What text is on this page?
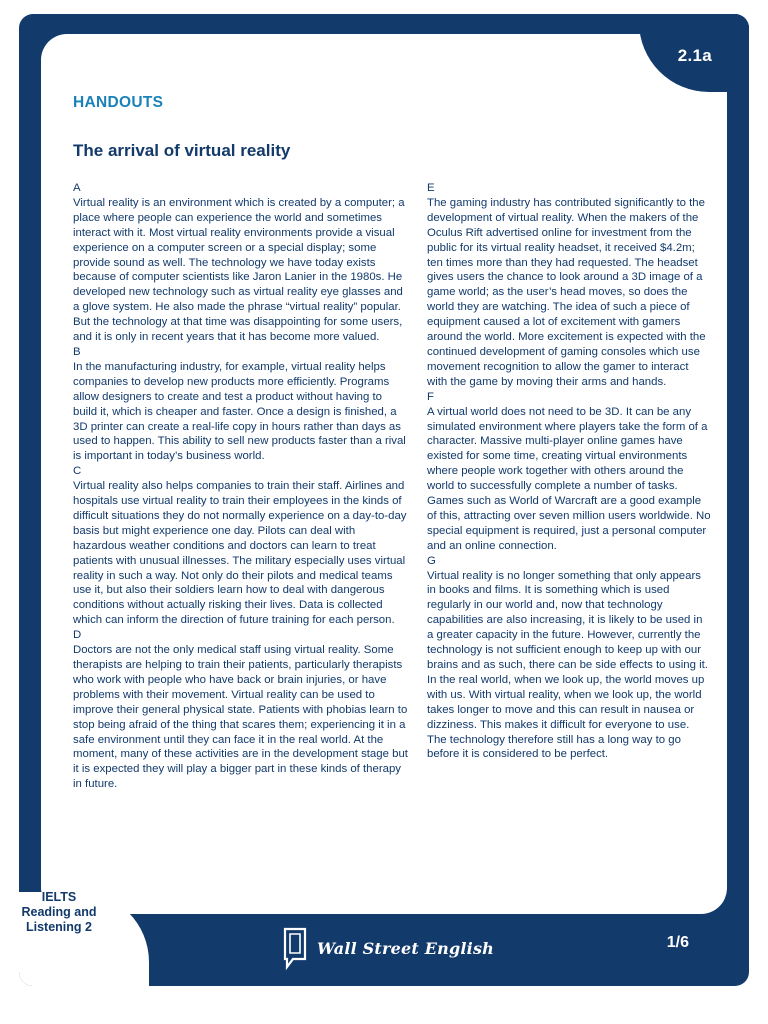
IELTS
Reading and
Listening 2
Wall Street English	1/6
2.1a
HANDOUTS
The arrival of virtual reality
A
Virtual reality is an environment which is created by a computer; a place where people can experience the world and sometimes interact with it. Most virtual reality environments provide a visual experience on a computer screen or a special display; some provide sound as well. The technology we have today exists because of computer scientists like Jaron Lanier in the 1980s. He developed new technology such as virtual reality eye glasses and a glove system. He also made the phrase “virtual reality” popular. But the technology at that time was disappointing for some users, and it is only in recent years that it has become more valued.
B
In the manufacturing industry, for example, virtual reality helps companies to develop new products more efficiently. Programs allow designers to create and test a product without having to build it, which is cheaper and faster. Once a design is finished, a 3D printer can create a real-life copy in hours rather than days as used to happen. This ability to sell new products faster than a rival is important in today’s business world.
C
Virtual reality also helps companies to train their staff. Airlines and hospitals use virtual reality to train their employees in the kinds of difficult situations they do not normally experience on a day-to-day basis but might experience one day. Pilots can deal with hazardous weather conditions and doctors can learn to treat patients with unusual illnesses. The military especially uses virtual reality in such a way. Not only do their pilots and medical teams use it, but also their soldiers learn how to deal with dangerous conditions without actually risking their lives. Data is collected which can inform the direction of future training for each person.
D
Doctors are not the only medical staff using virtual reality. Some therapists are helping to train their patients, particularly therapists who work with people who have back or brain injuries, or have problems with their movement. Virtual reality can be used to improve their general physical state. Patients with phobias learn to stop being afraid of the thing that scares them; experiencing it in a safe environment until they can face it in the real world. At the moment, many of these activities are in the development stage but it is expected they will play a bigger part in these kinds of therapy in future.
E
The gaming industry has contributed significantly to the development of virtual reality. When the makers of the Oculus Rift advertised online for investment from the public for its virtual reality headset, it received $4.2m; ten times more than they had requested. The headset gives users the chance to look around a 3D image of a game world; as the user’s head moves, so does the world they are watching. The idea of such a piece of equipment caused a lot of excitement with gamers around the world. More excitement is expected with the continued development of gaming consoles which use movement recognition to allow the gamer to interact with the game by moving their arms and hands.
F
A virtual world does not need to be 3D. It can be any simulated environment where players take the form of a character. Massive multi-player online games have existed for some time, creating virtual environments where people work together with others around the world to successfully complete a number of tasks. Games such as World of Warcraft are a good example of this, attracting over seven million users worldwide. No special equipment is required, just a personal computer and an online connection.
G
Virtual reality is no longer something that only appears in books and films. It is something which is used regularly in our world and, now that technology capabilities are also increasing, it is likely to be used in a greater capacity in the future. However, currently the technology is not sufficient enough to keep up with our brains and as such, there can be side effects to using it. In the real world, when we look up, the world moves up with us. With virtual reality, when we look up, the world takes longer to move and this can result in nausea or dizziness. This makes it difficult for everyone to use. The technology therefore still has a long way to go before it is considered to be perfect.
